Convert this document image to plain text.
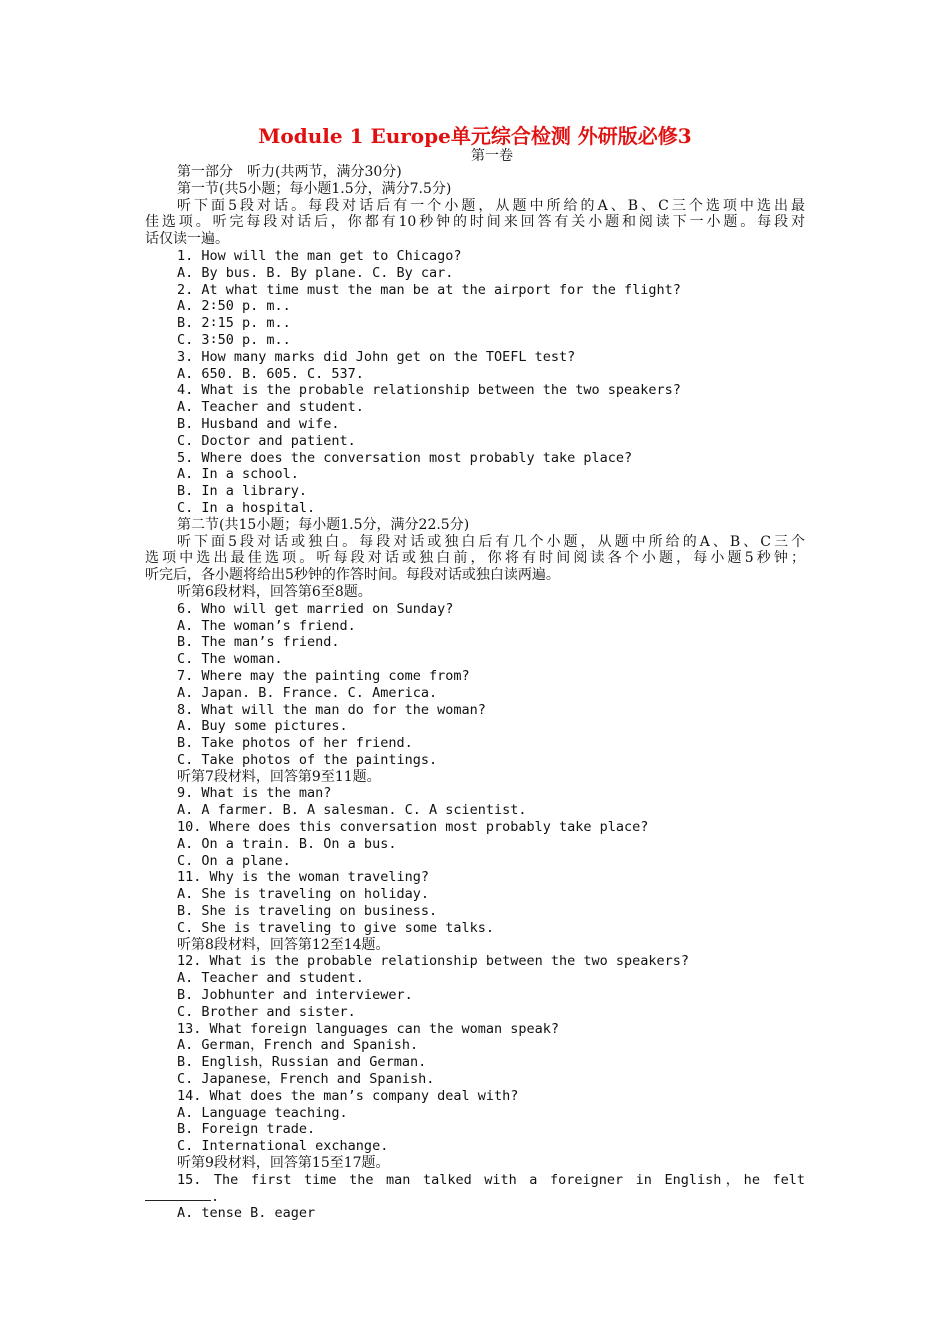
Module 1 Europe单元综合检测 外研版必修3
第一卷
第一部分　听力(共两节，满分30分)
第一节(共5小题；每小题1.5分，满分7.5分)
听下面5段对话。每段对话后有一个小题，从题中所给的A、B、C三个选项中选出最
佳选项。听完每段对话后，你都有10秒钟的时间来回答有关小题和阅读下一小题。每段对
话仅读一遍。
1. How will the man get to Chicago?
A. By bus. B. By plane. C. By car.
2. At what time must the man be at the airport for the flight?
A. 2∶50 p. m..
B. 2∶15 p. m..
C. 3∶50 p. m..
3. How many marks did John get on the TOEFL test?
A. 650. B. 605. C. 537.
4. What is the probable relationship between the two speakers?
A. Teacher and student.
B. Husband and wife.
C. Doctor and patient.
5. Where does the conversation most probably take place?
A. In a school.
B. In a library.
C. In a hospital.
第二节(共15小题；每小题1.5分，满分22.5分)
听下面5段对话或独白。每段对话或独白后有几个小题，从题中所给的A、B、C三个
选项中选出最佳选项。听每段对话或独白前，你将有时间阅读各个小题，每小题5秒钟；
听完后，各小题将给出5秒钟的作答时间。每段对话或独白读两遍。
听第6段材料，回答第6至8题。
6. Who will get married on Sunday?
A. The woman’s friend.
B. The man’s friend.
C. The woman.
7. Where may the painting come from?
A. Japan. B. France. C. America.
8. What will the man do for the woman?
A. Buy some pictures.
B. Take photos of her friend.
C. Take photos of the paintings.
听第7段材料，回答第9至11题。
9. What is the man?
A. A farmer. B. A salesman. C. A scientist.
10. Where does this conversation most probably take place?
A. On a train. B. On a bus.
C. On a plane.
11. Why is the woman traveling?
A. She is traveling on holiday.
B. She is traveling on business.
C. She is traveling to give some talks.
听第8段材料，回答第12至14题。
12. What is the probable relationship between the two speakers?
A. Teacher and student.
B. Jobhunter and interviewer.
C. Brother and sister.
13. What foreign languages can the woman speak?
A. German，French and Spanish.
B. English，Russian and German.
C. Japanese，French and Spanish.
14. What does the man’s company deal with?
A. Language teaching.
B. Foreign trade.
C. International exchange.
听第9段材料，回答第15至17题。
15. The first time the man talked with a foreigner in English，he felt
.
A. tense B. eager
